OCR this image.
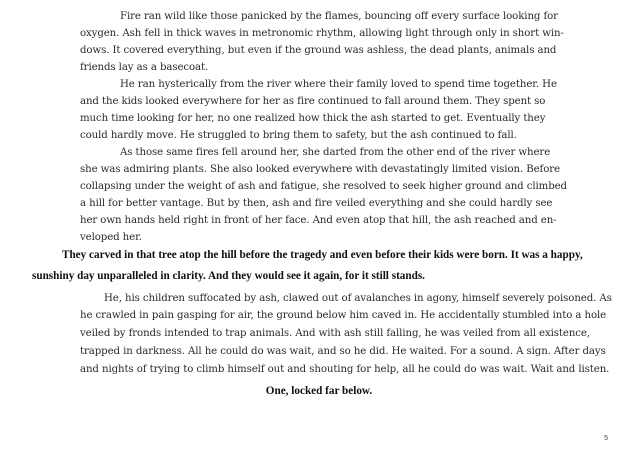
Fire ran wild like those panicked by the flames, bouncing off every surface looking for
oxygen. Ash fell in thick waves in metronomic rhythm, allowing light through only in short win-
dows. It covered everything, but even if the ground was ashless, the dead plants, animals and
friends lay as a basecoat.
He ran hysterically from the river where their family loved to spend time together. He
and the kids looked everywhere for her as fire continued to fall around them. They spent so
much time looking for her, no one realized how thick the ash started to get. Eventually they
could hardly move. He struggled to bring them to safety, but the ash continued to fall.
As those same fires fell around her, she darted from the other end of the river where
she was admiring plants. She also looked everywhere with devastatingly limited vision. Before
collapsing under the weight of ash and fatigue, she resolved to seek higher ground and climbed
a hill for better vantage. But by then, ash and fire veiled everything and she could hardly see
her own hands held right in front of her face. And even atop that hill, the ash reached and en-
veloped her.
They carved in that tree atop the hill before the tragedy and even before their kids were born. It was a happy,
sunshiny day unparalleled in clarity. And they would see it again, for it still stands.
He, his children suffocated by ash, clawed out of avalanches in agony, himself severely poisoned. As
he crawled in pain gasping for air, the ground below him caved in. He accidentally stumbled into a hole
veiled by fronds intended to trap animals. And with ash still falling, he was veiled from all existence,
trapped in darkness. All he could do was wait, and so he did. He waited. For a sound. A sign. After days
and nights of trying to climb himself out and shouting for help, all he could do was wait. Wait and listen.
One, locked far below.
5
